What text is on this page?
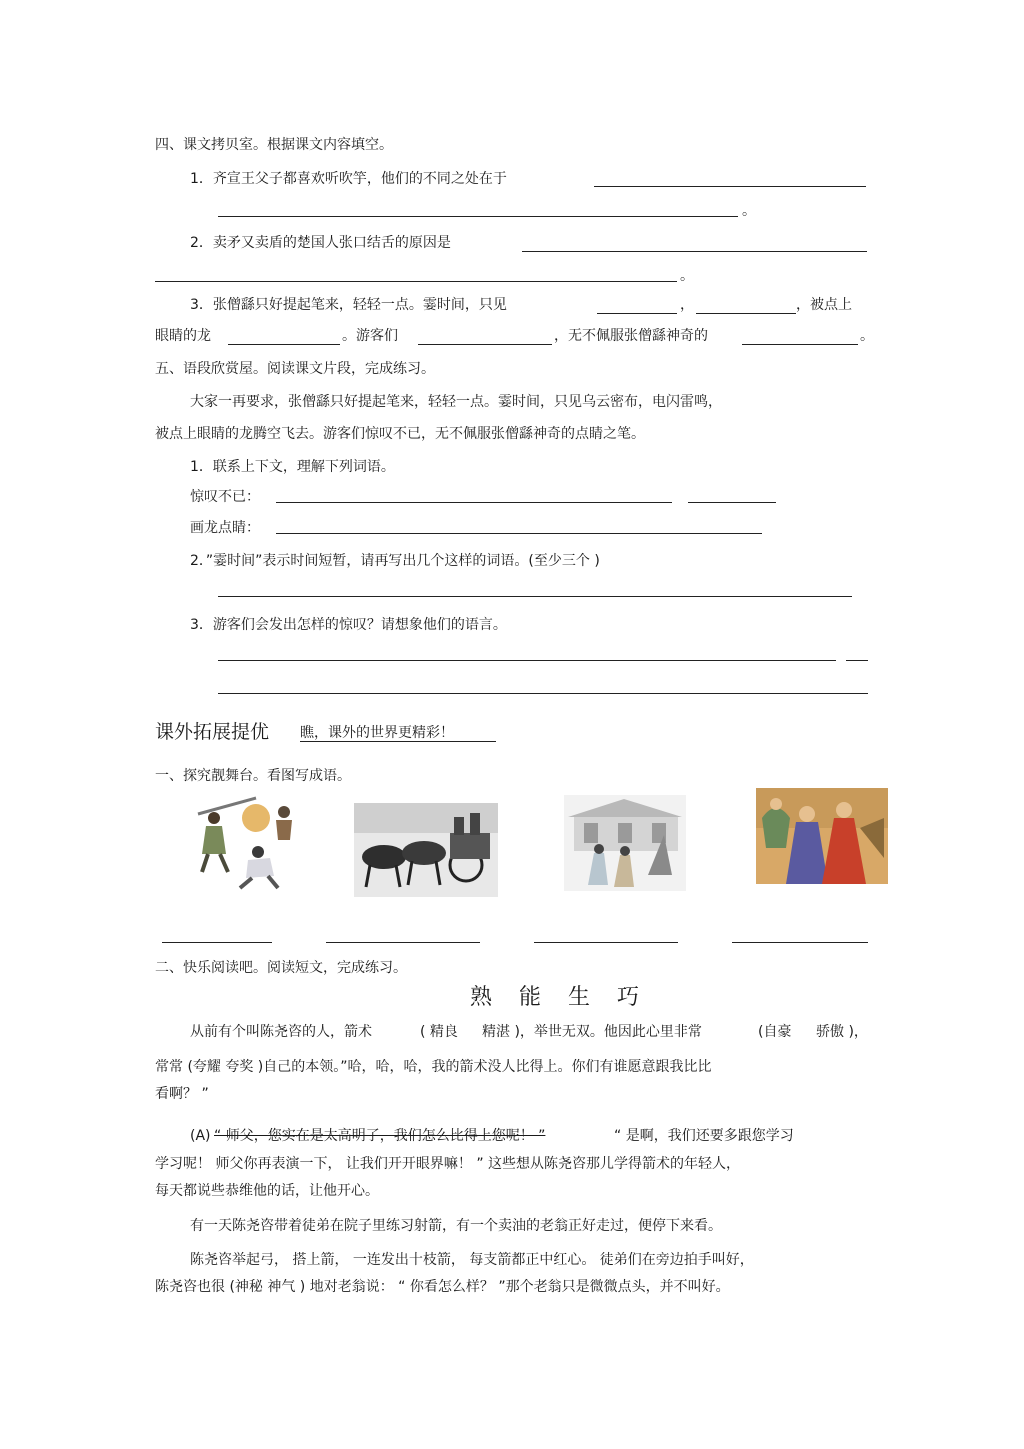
四、课文拷贝室。根据课文内容填空。
1．齐宣王父子都喜欢听吹竽，他们的不同之处在于
。
2．卖矛又卖盾的楚国人张口结舌的原因是
。
3．张僧繇只好提起笔来，轻轻一点。霎时间，只见	，	，被点上
眼睛的龙	。游客们	，无不佩服张僧繇神奇的	。
五、语段欣赏屋。阅读课文片段，完成练习。
大家一再要求，张僧繇只好提起笔来，轻轻一点。霎时间，只见乌云密布，电闪雷鸣，
被点上眼睛的龙腾空飞去。游客们惊叹不已，无不佩服张僧繇神奇的点睛之笔。
1．联系上下文，理解下列词语。
惊叹不已：
画龙点睛：
2．”霎时间”表示时间短暂，请再写出几个这样的词语。(至少三个 )
3．游客们会发出怎样的惊叹？请想象他们的语言。
课外拓展提优 瞧，课外的世界更精彩！
一、探究靓舞台。看图写成语。
二、快乐阅读吧。阅读短文，完成练习。
熟 能 生 巧
从前有个叫陈尧咨的人，箭术	( 精良 精湛 )，举世无双。他因此心里非常	(自豪 骄傲 )，
常常 (夸耀 夸奖 )自己的本领。”哈，哈，哈，我的箭术没人比得上。你们有谁愿意跟我比比
看啊？ ”
(A) “ 师父，您实在是太高明了，我们怎么比得上您呢！ ”	“ 是啊，我们还要多跟您学习
学习呢！ 师父你再表演一下， 让我们开开眼界嘛！ ” 这些想从陈尧咨那儿学得箭术的年轻人，
每天都说些恭维他的话，让他开心。
有一天陈尧咨带着徒弟在院子里练习射箭，有一个卖油的老翁正好走过，便停下来看。
陈尧咨举起弓， 搭上箭， 一连发出十枝箭， 每支箭都正中红心。 徒弟们在旁边拍手叫好，
陈尧咨也很 (神秘 神气 ) 地对老翁说： “ 你看怎么样？ ”那个老翁只是微微点头，并不叫好。
